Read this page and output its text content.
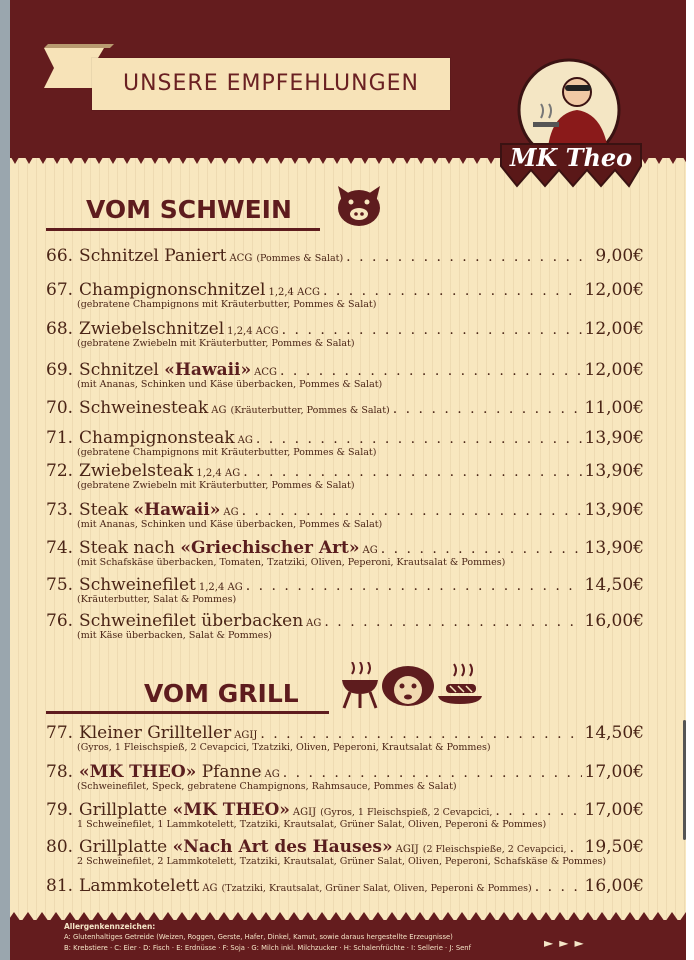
UNSERE EMPFEHLUNGEN
MK Theo
VOM SCHWEIN
VOM GRILL
66. Schnitzel Paniert ACG (Pommes & Salat) . . .	9,00€
67. Champignonschnitzel 1,2,4 ACG . . .	12,00€
(gebratene Champignons mit Kräuterbutter, Pommes & Salat)
68. Zwiebelschnitzel 1,2,4 ACG . . .	12,00€
(gebratene Zwiebeln mit Kräuterbutter, Pommes & Salat)
69. Schnitzel «Hawaii» ACG . . .	12,00€
(mit Ananas, Schinken und Käse überbacken, Pommes & Salat)
70. Schweinesteak AG (Kräuterbutter, Pommes & Salat) . . .	11,00€
71. Champignonsteak AG . . .	13,90€
(gebratene Champignons mit Kräuterbutter, Pommes & Salat)
72. Zwiebelsteak 1,2,4 AG . . .	13,90€
(gebratene Zwiebeln mit Kräuterbutter, Pommes & Salat)
73. Steak «Hawaii» AG . . .	13,90€
(mit Ananas, Schinken und Käse überbacken, Pommes & Salat)
74. Steak nach «Griechischer Art» AG . . .	13,90€
(mit Schafskäse überbacken, Tomaten, Tzatziki, Oliven, Peperoni, Krautsalat & Pommes)
75. Schweinefilet 1,2,4 AG . . .	14,50€
(Kräuterbutter, Salat & Pommes)
76. Schweinefilet überbacken AG . . .	16,00€
(mit Käse überbacken, Salat & Pommes)
77. Kleiner Grillteller AGIJ . . .	14,50€
(Gyros, 1 Fleischspieß, 2 Cevapcici, Tzatziki, Oliven, Peperoni, Krautsalat & Pommes)
78. «MK THEO» Pfanne AG . . .	17,00€
(Schweinefilet, Speck, gebratene Champignons, Rahmsauce, Pommes & Salat)
79. Grillplatte «MK THEO» AGIJ (Gyros, 1 Fleischspieß, 2 Cevapcici, . . .	17,00€
1 Schweinefilet, 1 Lammkotelett, Tzatziki, Krautsalat, Grüner Salat, Oliven, Peperoni & Pommes)
80. Grillplatte «Nach Art des Hauses» AGIJ (2 Fleischspieße, 2 Cevapcici, . . . 19,50€
2 Schweinefilet, 2 Lammkotelett, Tzatziki, Krautsalat, Grüner Salat, Oliven, Peperoni, Schafskäse & Pommes)
81. Lammkotelett AG (Tzatziki, Krautsalat, Grüner Salat, Oliven, Peperoni & Pommes) . . .	16,00€
Allergenkennzeichen:
A: Glutenhaltiges Getreide (Weizen, Roggen, Gerste, Hafer, Dinkel, Kamut, sowie daraus hergestellte Erzeugnisse)
B: Krebstiere · C: Eier · D: Fisch · E: Erdnüsse · F: Soja · G: Milch inkl. Milchzucker · H: Schalenfrüchte · I: Sellerie · J: Senf	►►►
